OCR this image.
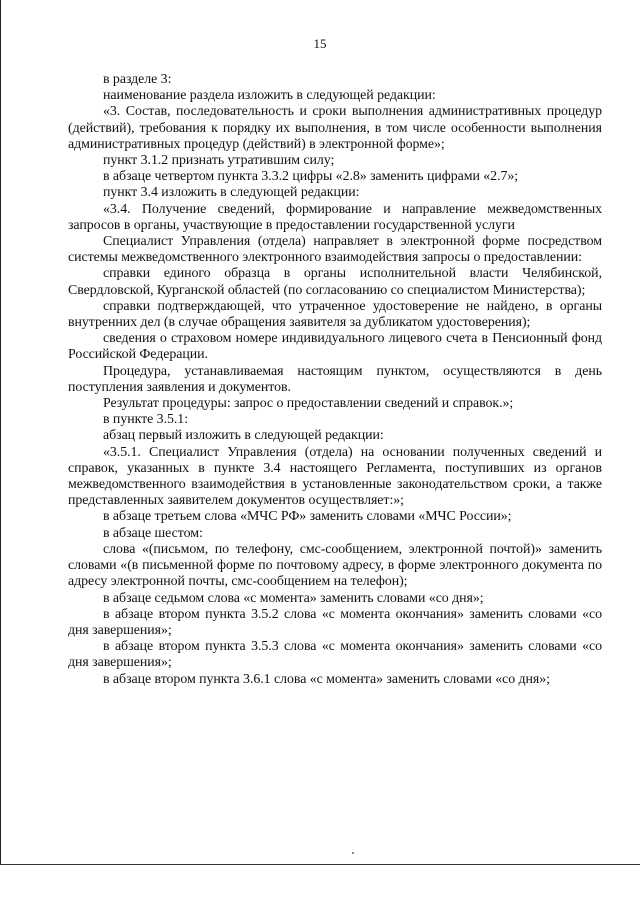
15

в разделе 3:

наименование раздела изложить в следующей редакции:

«3. Состав, последовательность и сроки выполнения административных процедур (действий), требования к порядку их выполнения, в том числе особенности выполнения административных процедур (действий) в электронной форме»;

пункт 3.1.2 признать утратившим силу;

в абзаце четвертом пункта 3.3.2 цифры «2.8» заменить цифрами «2.7»;

пункт 3.4 изложить в следующей редакции:

«3.4. Получение сведений, формирование и направление межведомственных запросов в органы, участвующие в предоставлении государственной услуги

Специалист Управления (отдела) направляет в электронной форме посредством системы межведомственного электронного взаимодействия запросы о предоставлении:

справки единого образца в органы исполнительной власти Челябинской, Свердловской, Курганской областей (по согласованию со специалистом Министерства);

справки подтверждающей, что утраченное удостоверение не найдено, в органы внутренних дел (в случае обращения заявителя за дубликатом удостоверения);

сведения о страховом номере индивидуального лицевого счета в Пенсионный фонд Российской Федерации.

Процедура, устанавливаемая настоящим пунктом, осуществляются в день поступления заявления и документов.

Результат процедуры: запрос о предоставлении сведений и справок.»;

в пункте 3.5.1:

абзац первый изложить в следующей редакции:

«3.5.1. Специалист Управления (отдела) на основании полученных сведений и справок, указанных в пункте 3.4 настоящего Регламента, поступивших из органов межведомственного взаимодействия в установленные законодательством сроки, а также представленных заявителем документов осуществляет:»;

в абзаце третьем слова «МЧС РФ» заменить словами «МЧС России»;

в абзаце шестом:

слова «(письмом, по телефону, смс-сообщением, электронной почтой)» заменить словами «(в письменной форме по почтовому адресу, в форме электронного документа по адресу электронной почты, смс-сообщением на телефон);

в абзаце седьмом слова «с момента» заменить словами «со дня»;

в абзаце втором пункта 3.5.2 слова «с момента окончания» заменить словами «со дня завершения»;

в абзаце втором пункта 3.5.3 слова «с момента окончания» заменить словами «со дня завершения»;

в абзаце втором пункта 3.6.1 слова «с момента» заменить словами «со дня»;
